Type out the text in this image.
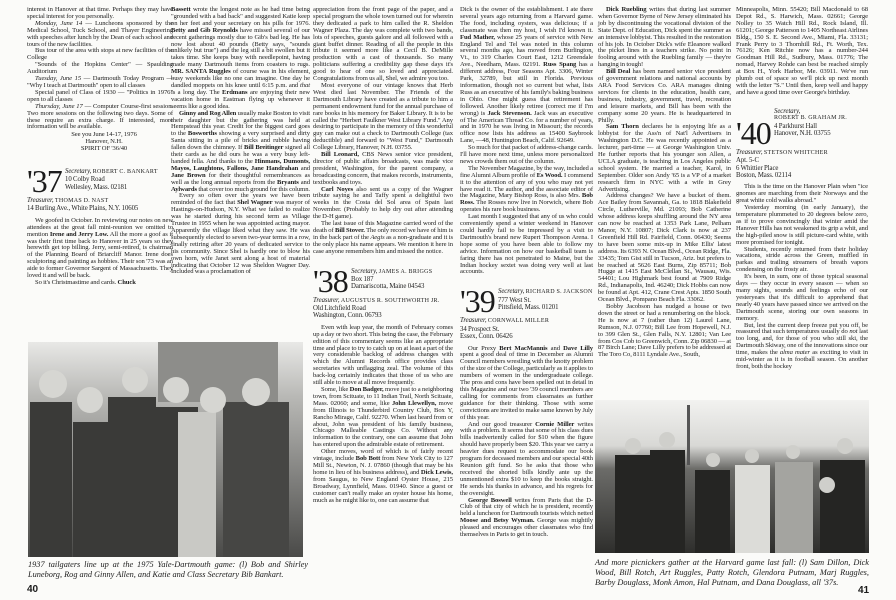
interest in Hanover at that time. Perhaps they may have special interest for you personally.

Monday, June 14 — Luncheons sponsored by the Medical School, Tuck School, and Thayer Engineering with speeches after lunch by the Dean of each school and tours of the new facilities.

Bus tour of the area with stops at new facilities of the College

"Sounds of the Hopkins Center" — Spaulding Auditorium

Tuesday, June 15 — Dartmouth Today Program — "Why I teach at Dartmouth" open to all classes

Special panel of Class of 1930 — "Politics in 1976" open to all classes

Thursday, June 17 — Computer Course-first session. Two more sessions on the following two days. Some of these require an extra charge. If interested, more information will be available.

See you June 14-17, 1976

Hanover, N.H.

SPIRIT OF '36/40

'37 Secretary, ROBERT C. BANKART
10 Colby Road
Wellesley, Mass. 02181
Treasurer, THOMAS D. NAST
14 Burling Ave., White Plains, N.Y. 10605

We goofed in October. In reviewing our notes on new attendees at the great fall mini-reunion we omitted to mention Irene and Jerry Low. All the more a goof as it was their first time back to Hanover in 25 years so they herewith get top billing. Jerry, semi-retired, is chairman of the Planning Board of Briarcliff Manor. Irene does sculptoring and painting as hobbies. Their son '73 was an aide to former Governor Sargent of Massachusetts. They loved it and will be back.

So it's Christmastime and cards. Chuck

Bassett wrote the longest note as he had time being "grounded with a bad back" and suggested Katie keep on her feet and your secretary on his pills for 1976. Betty and Gib Reynolds have missed several of our recent gatherings mostly due to Gib's bad leg. He has now lost about 40 pounds (Betty says, "sounds unlikely but true") and the leg still a bit swollen but it takes time. She keeps busy with needlepoint, having made many Dartmouth items from coasters to rugs. MR. SANTA Ruggles of course was in his element, busy weekends like no one can imagine. One day he dandled moppets on his knee until 6:15 p.m. and that is a long day. The Erdmans are enjoying their new vacation home in Eastman flying up whenever it seems like a good idea.

Ginny and Rog Allen usually make Boston to visit their daughter but the gathering was held at Hempstead this year. Credit for the biggest card goes to the Bosworths showing a very surprised and dirty Santa sitting in a pile of bricks and rubble having fallen down the chimney. If Bill Breitinger signed all their cards as he did ours he was a very busy left-handed fella. And thanks to the Hinmans, Dumonts, Mayos, Laughtons, Fallons, Jane Handrahan and Jane Brown for their thoughtful remembrances as well as the long annual reports from the Bryants and Aylwards that cover too much ground for this column.

Every so often over the years we have been reminded of the fact that Shel Wagner was mayor of Hastings-on-Hudson, N.Y. What we failed to realize was he started during his second term as Village Trustee in 1955 when he was appointed acting mayor. Apparently the village liked what they saw. He was subsequently elected to seven two-year terms in a row, finally retiring after 20 years of dedicated service to his community. Since Shel is hardly one to blow his own horn, wife Janet sent along a host of material indicating that October 12 was Sheldon Wagner Day. Included was a proclamation of

appreciation from the front page of the paper, and a special program the whole town turned out for wherein they dedicated a park to him called the R. Sheldon Wagner Plaza. The day was complete with two bands, lots of speeches, guests galore and all followed with a giant buffet dinner. Reading of all the people in this tribute it seemed more like a Cecil B. DeMille production with a cast of thousands. So many politicians suffering a credibility gap these days it's good to hear of one so loved and appreciated. Congratulations from us all, Shel, we admire you too.

Most everyone of our vintage knows that Herb West died last November. The Friends of the Dartmouth Library have created as a tribute to him a permanent endowment fund for the annual purchase of rare books in his memory for Baker Library. It is to be called the "Herbert Faulkner West Library Fund." Any desiring to participate in the memory of this wonderful guy can make out a check to Dartmouth College (tax deductible) and forward to "West Fund," Dartmouth College Library, Hanover, N.H. 03755.

Bill Leonard, CBS News senior vice president, director of public affairs broadcasts, was made vice president, Washington, for the parent company, a broadcasting concern, that makes records, instruments, textbooks and toys.

Carl Noyes also sent us a copy of the Wagner tribute saying he and Taffy spent a delightful two weeks in the Costa del Sol area of Spain last November. (Probably to help dry out after attending the D-H game).

The last issue of this Magazine carried word of the death of Bill Stover. The only record we have of him is in the back part of the Aegis as a non-graduate and it is the only place his name appears. We mention it here in case anyone remembers him and missed the notice.

'38 Secretary, JAMES A. BRIGGS
Box 187
Damariscotta, Maine 04543
Treasurer, AUGUSTUS R. SOUTHWORTH JR.
Old Litchfield Road
Washington, Conn. 06793

Even with leap year, the month of February comes up a day or two short. This being the case, the February edition of this commentary seems like an appropriate time and place to try to catch up on at least a part of the very considerable backlog of address changes with which the Alumni Records office provides class secretaries with unflagging zeal. The volume of this back-log certainly indicates that those of us who are still able to move at all move frequently.

Some, like Don Badger, move just to a neighboring town, from Scituate, to 11 Indian Trail, North Scituate, Mass. 02060; and some, like John Llewellyn, move from Illinois to Thunderbird Country Club, Box Y, Rancho Mirage, Calif. 92270. When last heard from or about, John was president of his family business, Chicago Malleable Castings Co. Without any information to the contrary, one can assume that John has entered upon the admirable estate of retirement.

Other moves, word of which is of fairly recent vintage, include Bob Bott from New York City to 127 Mill St., Newton, N. J. 07860 (though that may be his home in lieu of his business address), and Dick Lewis, from Saugus, to New England Oyster House, 215 Broadway, Lynnfield, Mass. 01940. Since a guest or customer can't really make an oyster house his home, much as he might like to, one can assume that

1937 tailgaters line up at the 1975 Yale-Dartmouth game: (l) Bob and Shirley Luneborg, Rog and Ginny Allen, and Katie and Class Secretary Bib Bankart.
40

Dick is the owner of the establishment. I ate there several years ago returning from a Harvard game. The food, including oysters, was delicious; if a classmate was then my host, I wish I'd known it. Fud Mather, whose 25 years of service with New England Tel and Tel was noted in this column several months ago, has moved from Burlington, Vt., to 319 Charles Court East, 1212 Greendale Ave., Needham, Mass. 02191. Russ Spang has a different address, Four Seasons Apt. 3306, Winter Park, 32789, but still in Florida. Previous information, though not so current but what, lists Russ as an executive of his family's baking business in Ohio. One might guess that retirement has followed. Another likely retiree (correct me if I'm wrong) is Jack Stevenson. Jack was an executive of The American Thread Co. for a number of years, and in 1970 he was living in Missouri; the records office now lists his address as 15400 Saybrook Lane, —48, Huntington Beach, Calif. 92649.

So much for that packet of address-change cards. I'll have more next time, unless more personalized news crowds them out of the column.

The November Magazine, by the way, included a fine Alumni Album profile of Es Wood. I commend it to the attention of any of you who may not yet have read it. The author, and the associate editor of the Magazine, Mary Bishop Ross, is also Mrs. Bob Ross. The Rosses now live in Norwich, where Bob operates his rare book business.

Last month I suggested that any of us who could conveniently spend a winter weekend in Hanover could hardly fail to be impressed by a visit to Dartmouth's brand new Rupert Thompson Arena. I hope some of you have been able to follow my advice. Information on how our basketball team is faring there has not penetrated to Maine, but the Indian hockey sextet was doing very well at last accounts.

'39 Secretary, RICHARD S. JACKSON
777 West St.
Pittsfield, Mass. 01201
Treasurer, CORNWALL MILLER
34 Prospect St.
Essex, Conn. 06426

Our Prexy Bert MacMannis and Dave Lilly spent a good deal of time in December as Alumni Council members wrestling with the knotty problem of the size of the College, particularly as it applies to numbers of women in the undergraduate college. The pros and cons have been spelled out in detail in this Magazine and our two '39 council members are calling for comments from classmates as further guidance for their thinking. Those with some convictions are invited to make same known by July of this year.

And our good treasurer Cornie Miller writes with a problem. It seems that some of his class dues bills inadvertently called for $10 when the figure should have properly been $20. This year we carry a heavier dues request to accommodate our book program for deceased members and our special 40th Reunion gift fund. So he asks that those who received the shorted bills kindly ante up the unmentioned extra $10 to keep the books straight. He sends his thanks in advance, and his regrets for the oversight.

George Boswell writes from Paris that the D-Club of that city of which he is president, recently held a luncheon for Dartmouth tourists which netted Moose and Betsy Wyman. George was mightily pleased and encourages other classmates who find themselves in Paris to get in touch.

Dick Ruebling writes that during last summer when Governor Byrne of New Jersey eliminated his job by discontinuing the vocational division of the State Dept. of Education, Dick spent the summer as an intensive lobbyist. This resulted in the restoration of his job. In October Dick's wife Eleanore walked the picket lines in a teachers strike. No point in fooling around with the Ruebling family — they're hanging in tough!

Bill Deal has been named senior vice president of government relations and national accounts by ARA Food Services Co. ARA manages dining services for clients in the education, health care, business, industry, government, travel, recreation and leisure markets, and Bill has been with the company some 20 years. He is headquartered in Philly.

Sam Thorn declares he is enjoying life as a lobbyist for the Ass'n of Nat'l Advertisers in Washington D.C. He was recently appointed as a lecturer, part-time — at George Washington Univ. He further reports that his younger son Allen, a UCLA graduate, is teaching in Los Angeles public school system. He married a teacher, Karol, in September. Older son Andy '65 is a VP of a market research firm in NYC with a wife in Grey Advertising.

Address changes? We have a bucket of them. Ace Bailey from Savannah, Ga. to 1818 Blakefield Circle, Lutherville, Md. 21093; Bob Catherine whose address keeps shuffling around the NY area can now be reached at 1353 Park Lane, Pelham Manor, N.Y. 10807; Dick Clark is now at 237 Greenfield Hill Rd. Fairfield, Conn. 06430; Seems to have been some mix-up in Mike Ellis' latest address. Its 6393 N. Ocean Blvd., Ocean Ridge, Fla. 33435; Tom Gist still in Tucson, Ariz. but prefers to be reached at 5626 East Burns, Zip 85711; Bob Hugge at 1415 East McClellan St., Wausau, Wis. 54401; Lou Highmark best found at 7909 Ridge Rd., Indianapolis, Ind. 46240; Dick Hobbs can now be found at Apt. 412, Crane Crest Apts. 1850 South Ocean Blvd., Pompano Beach Fla. 33062.

Bobby Jacobson has nudged a house or two down the street or had a renumbering on the block. He is now at 7 (rather than 12) Laurel Lane, Rumson, N.J. 07760; Bill Lee from Hopewell, N.J. to 399 Glen St., Glen Falls, N.Y. 12801; Van Lee from Cos Cob to Greenwich, Conn. Zip 06830 — at 87 Birch Lane; Dave Lilly prefers to be addressed at The Toro Co, 8111 Lyndale Ave., South,

Minneapolis, Minn. 55420; Bill Macdonald to 68 Depot Rd., S. Harwich, Mass. 02661; George Nolley to 35 Watch Hill Rd., Rock Island, Ill. 61201; George Patterson to 1405 Northeast Airlines Bldg., 150 S. E. Second Ave., Miami, Fla. 33131; Frank Perry to 3 Thornhill Rd., Ft. Worth, Tex. 76126; Ken Ritchie now has a number-244 Goodman Hill Rd., Sudbury, Mass. 01776; The nomad, Harvey Rohde can best be reached simply at Box H., York Harbor, Me. 03911. We've run plumb out of space so we'll pick up next month with the letter "S." Until then, keep well and happy and have a good time over George's birthday.

'40
Secretary,
ROBERT B. GRAHAM JR.
4 Parkhurst Hall
Hanover, N.H. 03755
Treasurer, STETSON WHITCHER
Apt. 5-C
6 Whittier Place
Boston, Mass. 02114

This is the time on the Hanover Plain when "ice gnomes are marching from their Norways and the great white cold walks abroad."

Yesterday morning (in early January), the temperature plummeted to 20 degrees below zero, as if to prove convincingly that winter amid the Hanover Hills has not weakened its grip a whit, and the high-piled snow is still picture-card white, with more promised for tonight.

Students, recently returned from their holiday vacations, stride across the Green, muffled in parkas and trailing streamers of breath vapors condensing on the frosty air.

It's been, in sum, one of those typical seasonal days — they occur in every season — when so many sights, sounds and feelings echo of our yesteryears that it's difficult to apprehend that nearly 40 years have passed since we arrived on the Dartmouth scene, storing our own seasons in memory.

But, lest the current deep freeze put you off, be reassured that such temperatures usually do not last too long, and, for those of you who still ski, the Dartmouth Skiway, one of the innovations since our time, makes the alma mater as exciting to visit in mid-winter as it is in football season. On another front, both the hockey

And more picnickers gather at the Harvard game last fall: (l) Sam Dillon, Dick Wood, Bill Rotch, Art Ruggles, Patty Rotch, Glendora Putnam, Marj Ruggles, Barby Douglass, Monk Amon, Hal Putnam, and Dana Douglass, all '37s.
41
